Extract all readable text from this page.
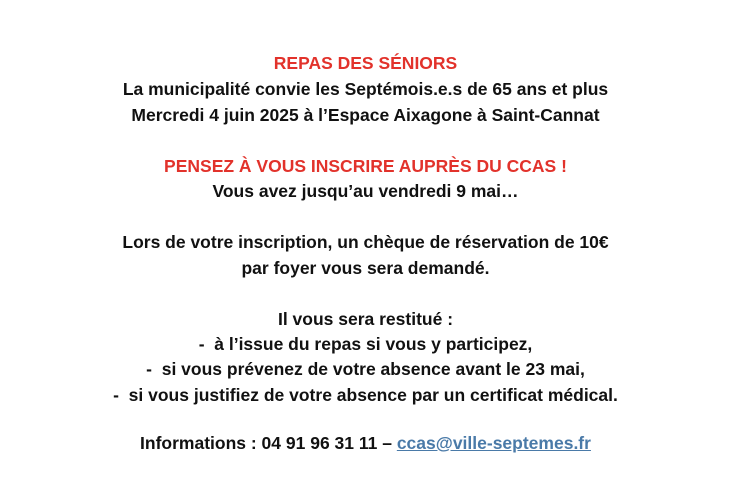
REPAS DES SÉNIORS
La municipalité convie les Septémois.e.s de 65 ans et plus
Mercredi 4 juin 2025 à l’Espace Aixagone à Saint-Cannat
PENSEZ À VOUS INSCRIRE AUPRÈS DU CCAS !
Vous avez jusqu’au vendredi 9 mai…
Lors de votre inscription, un chèque de réservation de 10€
par foyer vous sera demandé.
Il vous sera restitué :
-  à l’issue du repas si vous y participez,
-  si vous prévenez de votre absence avant le 23 mai,
-  si vous justifiez de votre absence par un certificat médical.
Informations : 04 91 96 31 11 – ccas@ville-septemes.fr
